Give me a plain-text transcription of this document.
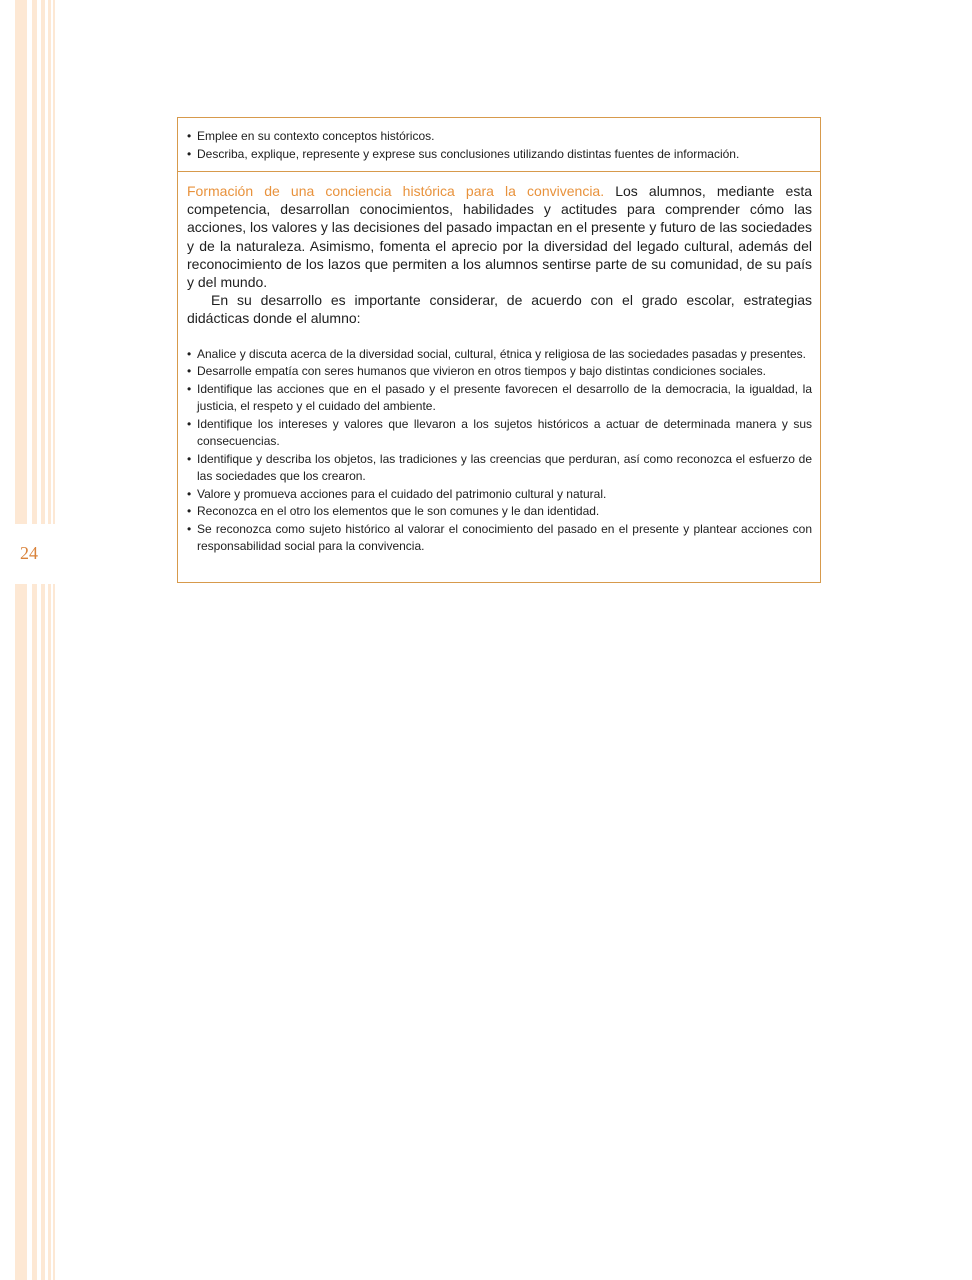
24
• Emplee en su contexto conceptos históricos.
• Describa, explique, represente y exprese sus conclusiones utilizando distintas fuentes de información.

Formación de una conciencia histórica para la convivencia. Los alumnos, mediante esta competencia, desarrollan conocimientos, habilidades y actitudes para comprender cómo las acciones, los valores y las decisiones del pasado impactan en el presente y futuro de las sociedades y de la naturaleza. Asimismo, fomenta el aprecio por la diversidad del legado cultural, además del reconocimiento de los lazos que permiten a los alumnos sentirse parte de su comunidad, de su país y del mundo.

En su desarrollo es importante considerar, de acuerdo con el grado escolar, estrategias didácticas donde el alumno:

• Analice y discuta acerca de la diversidad social, cultural, étnica y religiosa de las sociedades pasadas y presentes.
• Desarrolle empatía con seres humanos que vivieron en otros tiempos y bajo distintas condiciones sociales.
• Identifique las acciones que en el pasado y el presente favorecen el desarrollo de la democracia, la igualdad, la justicia, el respeto y el cuidado del ambiente.
• Identifique los intereses y valores que llevaron a los sujetos históricos a actuar de determinada manera y sus consecuencias.
• Identifique y describa los objetos, las tradiciones y las creencias que perduran, así como reconozca el esfuerzo de las sociedades que los crearon.
• Valore y promueva acciones para el cuidado del patrimonio cultural y natural.
• Reconozca en el otro los elementos que le son comunes y le dan identidad.
• Se reconozca como sujeto histórico al valorar el conocimiento del pasado en el presente y plantear acciones con responsabilidad social para la convivencia.
